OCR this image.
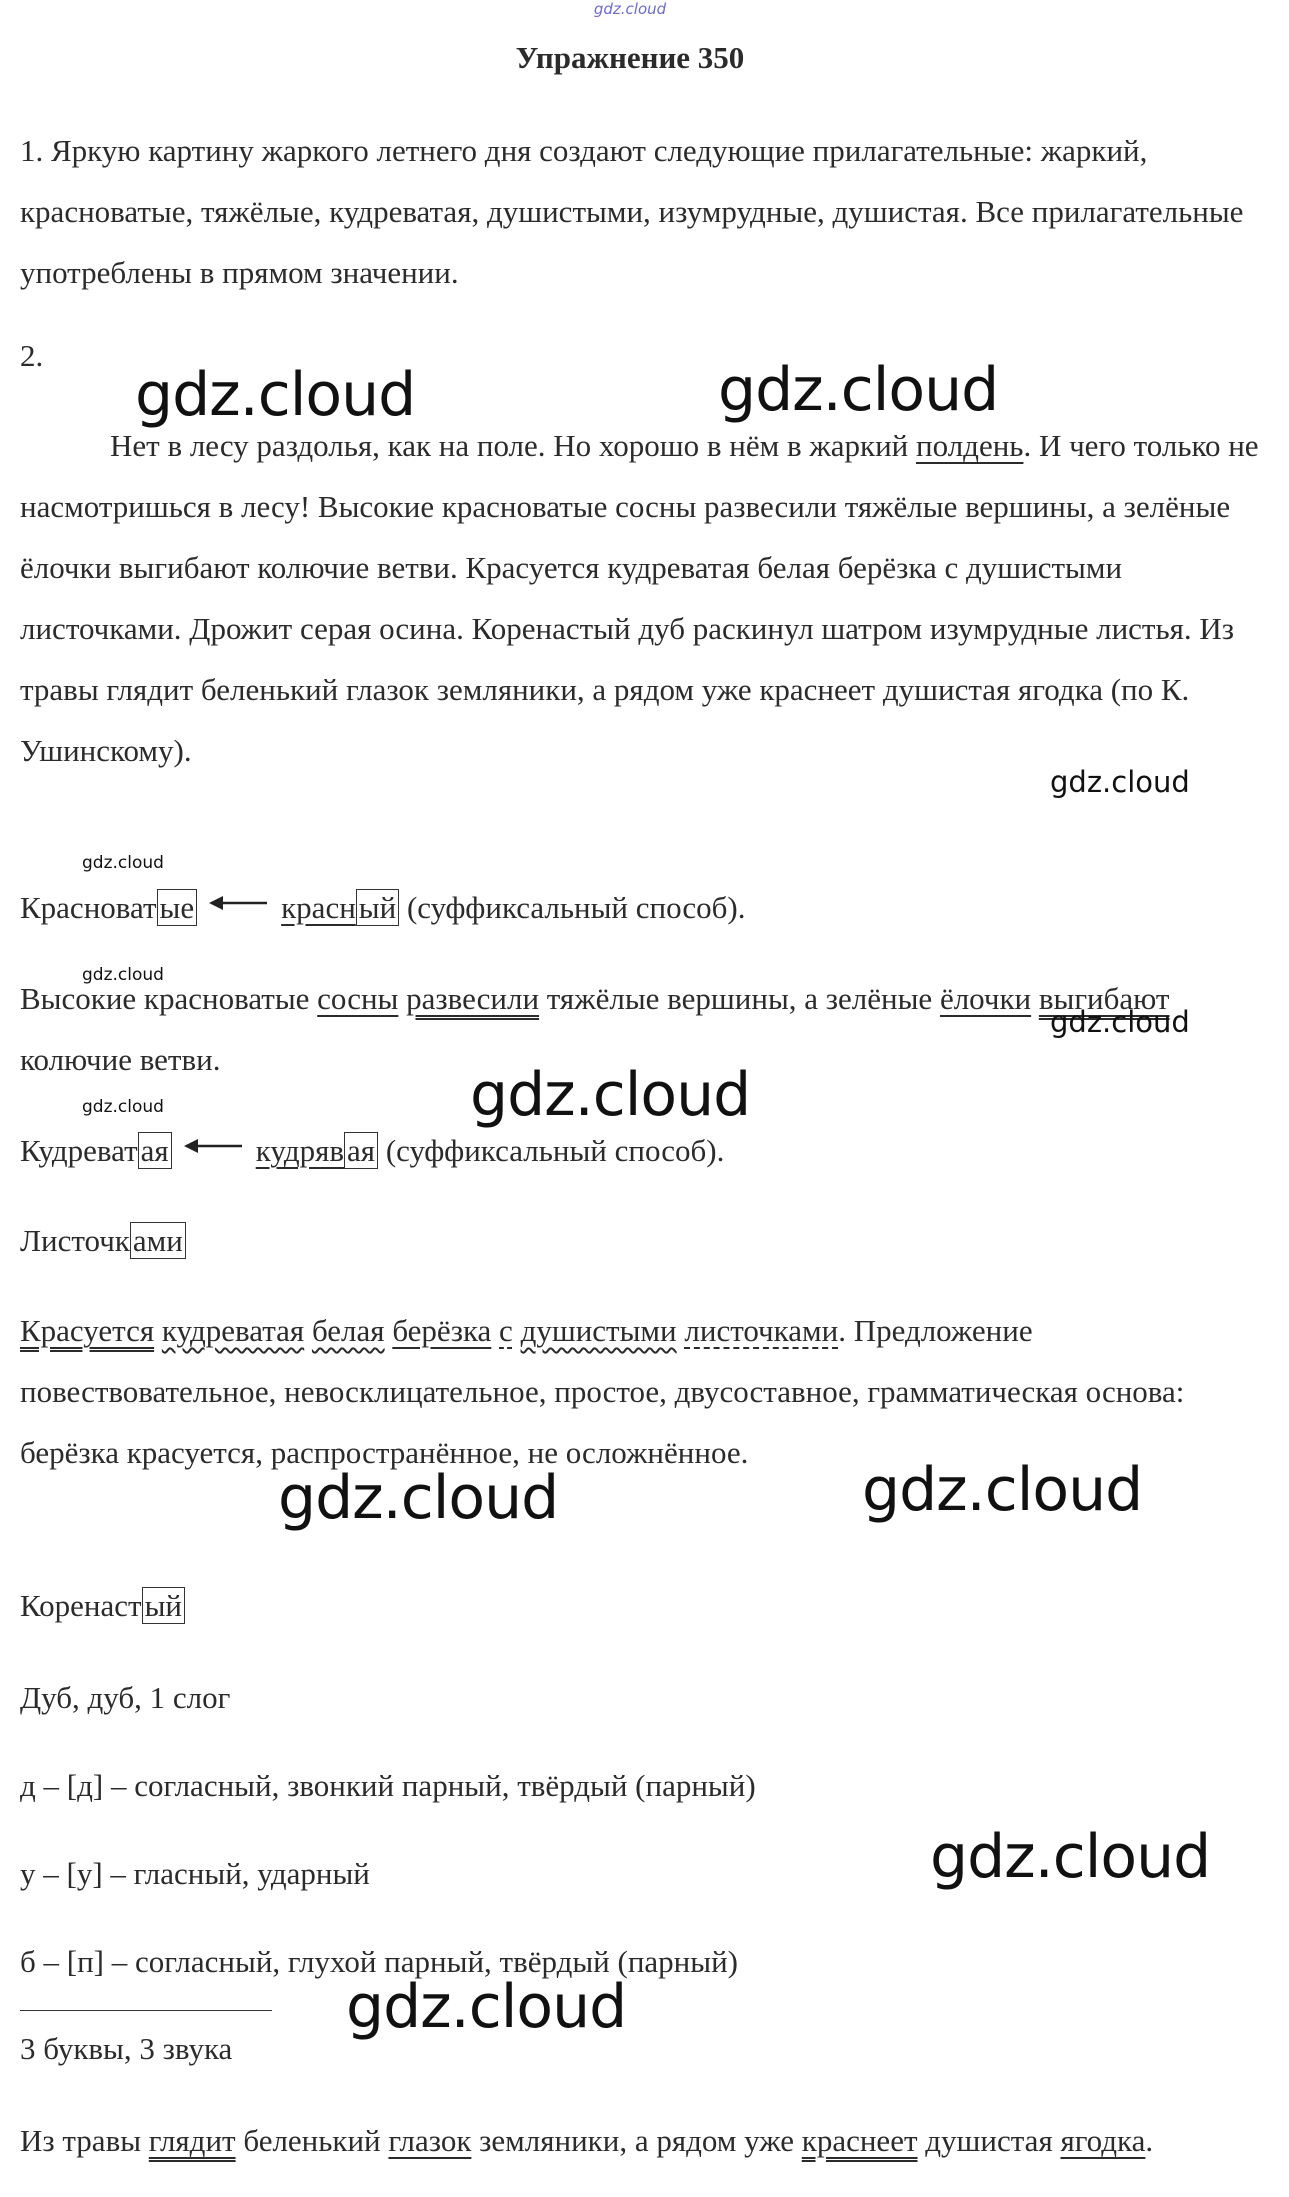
gdz.cloud
Упражнение 350

1. Яркую картину жаркого летнего дня создают следующие прилагательные: жаркий, красноватые, тяжёлые, кудреватая, душистыми, изумрудные, душистая. Все прилагательные употреблены в прямом значении.

2.

Нет в лесу раздолья, как на поле. Но хорошо в нём в жаркий полдень. И чего только не насмотришься в лесу! Высокие красноватые сосны развесили тяжёлые вершины, а зелёные ёлочки выгибают колючие ветви. Красуется кудреватая белая берёзка с душистыми листочками. Дрожит серая осина. Коренастый дуб раскинул шатром изумрудные листья. Из травы глядит беленький глазок земляники, а рядом уже краснеет душистая ягодка (по К. Ушинскому).

Красноватые	красный (суффиксальный способ).

Высокие красноватые сосны развесили тяжёлые вершины, а зелёные ёлочки выгибают колючие ветви.

Кудреватая	кудрявая (суффиксальный способ).

Листочками

Красуется кудреватая белая берёзка с душистыми листочками. Предложение повествовательное, невосклицательное, простое, двусоставное, грамматическая основа: берёзка красуется, распространённое, не осложнённое.

Коренастый

Дуб, дуб, 1 слог

д – [д] – согласный, звонкий парный, твёрдый (парный)

у – [у] – гласный, ударный

б – [п] – согласный, глухой парный, твёрдый (парный)

3 буквы, 3 звука

Из травы глядит беленький глазок земляники, а рядом уже краснеет душистая ягодка.

gdz.cloud	gdz.cloud
gdz.cloud
gdz.cloud
gdz.cloud
gdz.cloud
gdz.cloud
gdz.cloud
gdz.cloud	gdz.cloud
gdz.cloud
gdz.cloud
